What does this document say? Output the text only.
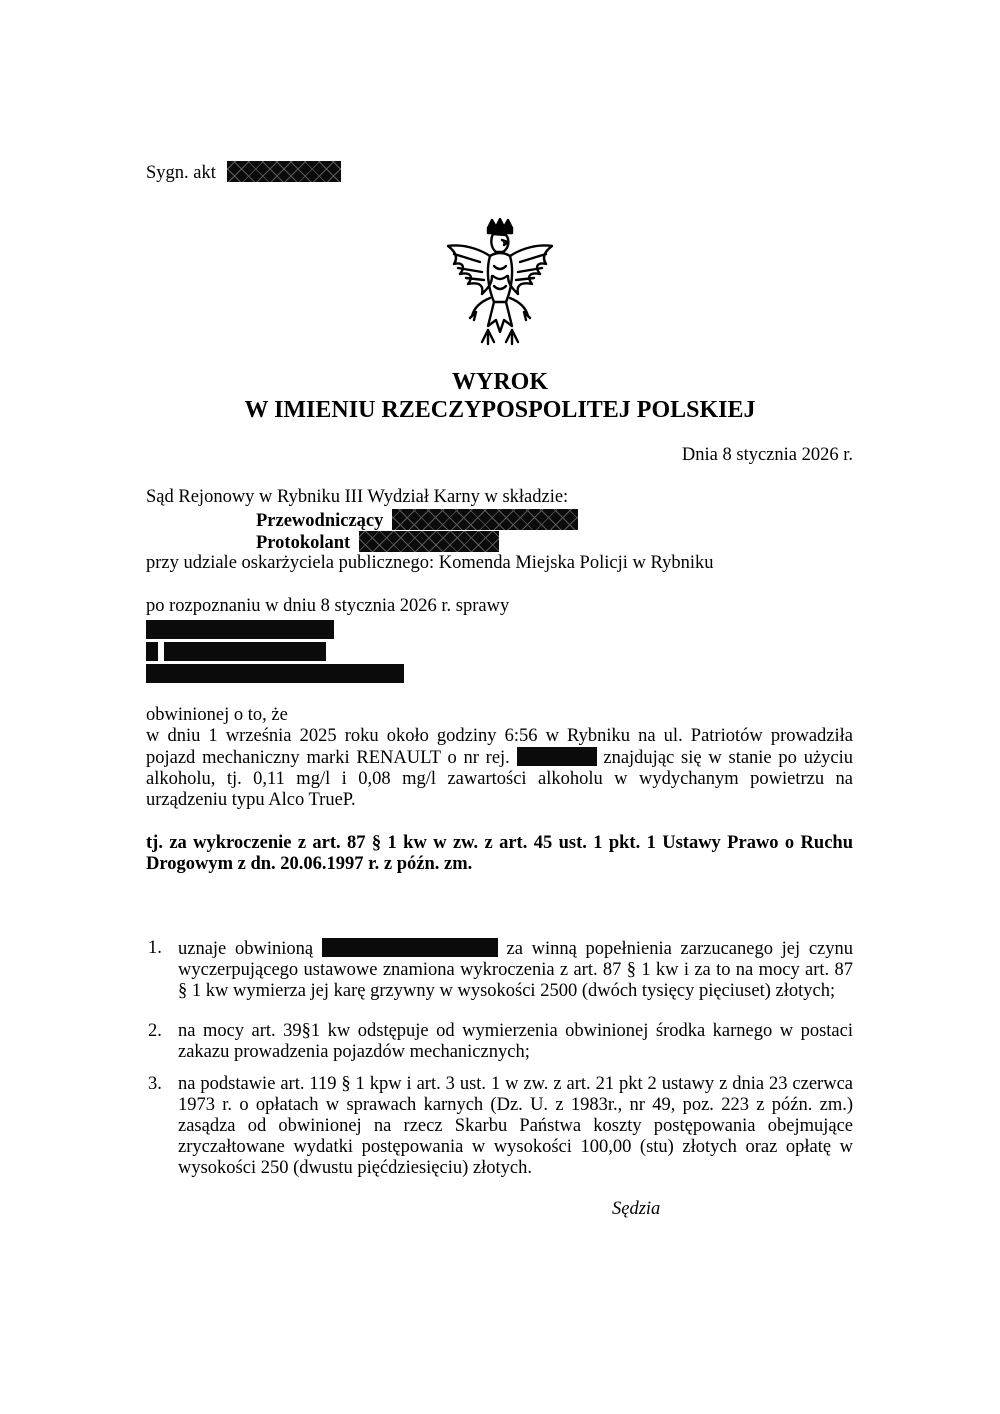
Sygn. akt
WYROK
W IMIENIU RZECZYPOSPOLITEJ POLSKIEJ
Dnia 8 stycznia 2026 r.
Sąd Rejonowy w Rybniku III Wydział Karny w składzie:
Przewodniczący
Protokolant
przy udziale oskarżyciela publicznego: Komenda Miejska Policji w Rybniku
po rozpoznaniu w dniu 8 stycznia 2026 r. sprawy
obwinionej o to, że
w dniu 1 września 2025 roku około godziny 6:56 w Rybniku na ul. Patriotów prowadziła pojazd mechaniczny marki RENAULT o nr rej.	znajdując się w stanie po użyciu alkoholu, tj. 0,11 mg/l i 0,08 mg/l zawartości alkoholu w wydychanym powietrzu na urządzeniu typu Alco TrueP.
tj. za wykroczenie z art. 87 § 1 kw w zw. z art. 45 ust. 1 pkt. 1 Ustawy Prawo o Ruchu Drogowym z dn. 20.06.1997 r. z późn. zm.
1. uznaje obwinioną	za winną popełnienia zarzucanego jej czynu wyczerpującego ustawowe znamiona wykroczenia z art. 87 § 1 kw i za to na mocy art. 87 § 1 kw wymierza jej karę grzywny w wysokości 2500 (dwóch tysięcy pięciuset) złotych;
2. na mocy art. 39§1 kw odstępuje od wymierzenia obwinionej środka karnego w postaci zakazu prowadzenia pojazdów mechanicznych;
3. na podstawie art. 119 § 1 kpw i art. 3 ust. 1 w zw. z art. 21 pkt 2 ustawy z dnia 23 czerwca 1973 r. o opłatach w sprawach karnych (Dz. U. z 1983r., nr 49, poz. 223 z późn. zm.) zasądza od obwinionej na rzecz Skarbu Państwa koszty postępowania obejmujące zryczałtowane wydatki postępowania w wysokości 100,00 (stu) złotych oraz opłatę w wysokości 250 (dwustu pięćdziesięciu) złotych.
Sędzia
